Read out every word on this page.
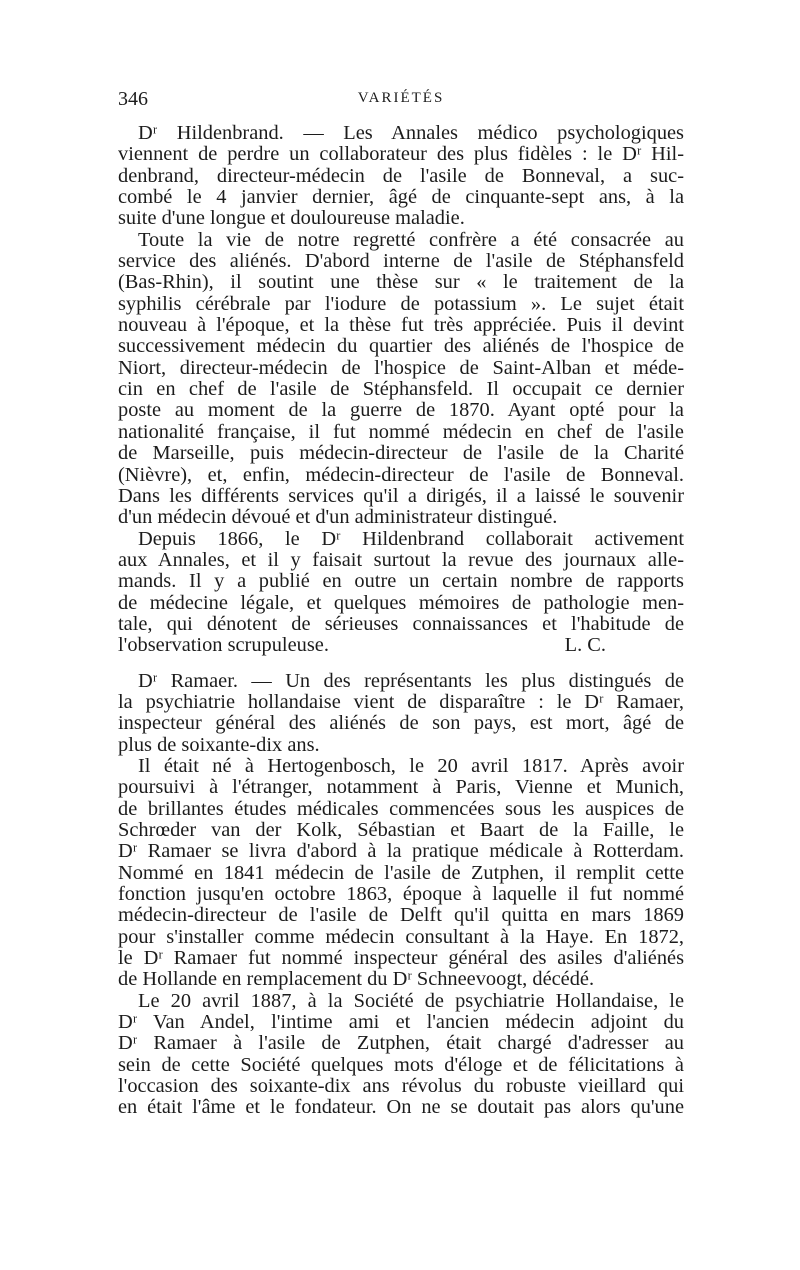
346	VARIÉTÉS
Dʳ Hildenbrand. — Les Annales médico psychologiques
viennent de perdre un collaborateur des plus fidèles : le Dʳ Hil-
denbrand, directeur-médecin de l'asile de Bonneval, a suc-
combé le 4 janvier dernier, âgé de cinquante-sept ans, à la
suite d'une longue et douloureuse maladie.
Toute la vie de notre regretté confrère a été consacrée au
service des aliénés. D'abord interne de l'asile de Stéphansfeld
(Bas-Rhin), il soutint une thèse sur « le traitement de la
syphilis cérébrale par l'iodure de potassium ». Le sujet était
nouveau à l'époque, et la thèse fut très appréciée. Puis il devint
successivement médecin du quartier des aliénés de l'hospice de
Niort, directeur-médecin de l'hospice de Saint-Alban et méde-
cin en chef de l'asile de Stéphansfeld. Il occupait ce dernier
poste au moment de la guerre de 1870. Ayant opté pour la
nationalité française, il fut nommé médecin en chef de l'asile
de Marseille, puis médecin-directeur de l'asile de la Charité
(Nièvre), et, enfin, médecin-directeur de l'asile de Bonneval.
Dans les différents services qu'il a dirigés, il a laissé le souvenir
d'un médecin dévoué et d'un administrateur distingué.
Depuis 1866, le Dʳ Hildenbrand collaborait activement
aux Annales, et il y faisait surtout la revue des journaux alle-
mands. Il y a publié en outre un certain nombre de rapports
de médecine légale, et quelques mémoires de pathologie men-
tale, qui dénotent de sérieuses connaissances et l'habitude de
l'observation scrupuleuse.	L. C.
Dʳ Ramaer. — Un des représentants les plus distingués de
la psychiatrie hollandaise vient de disparaître : le Dʳ Ramaer,
inspecteur général des aliénés de son pays, est mort, âgé de
plus de soixante-dix ans.
Il était né à Hertogenbosch, le 20 avril 1817. Après avoir
poursuivi à l'étranger, notamment à Paris, Vienne et Munich,
de brillantes études médicales commencées sous les auspices de
Schrœder van der Kolk, Sébastian et Baart de la Faille, le
Dʳ Ramaer se livra d'abord à la pratique médicale à Rotterdam.
Nommé en 1841 médecin de l'asile de Zutphen, il remplit cette
fonction jusqu'en octobre 1863, époque à laquelle il fut nommé
médecin-directeur de l'asile de Delft qu'il quitta en mars 1869
pour s'installer comme médecin consultant à la Haye. En 1872,
le Dʳ Ramaer fut nommé inspecteur général des asiles d'aliénés
de Hollande en remplacement du Dʳ Schneevoogt, décédé.
Le 20 avril 1887, à la Société de psychiatrie Hollandaise, le
Dʳ Van Andel, l'intime ami et l'ancien médecin adjoint du
Dʳ Ramaer à l'asile de Zutphen, était chargé d'adresser au
sein de cette Société quelques mots d'éloge et de félicitations à
l'occasion des soixante-dix ans révolus du robuste vieillard qui
en était l'âme et le fondateur. On ne se doutait pas alors qu'une
